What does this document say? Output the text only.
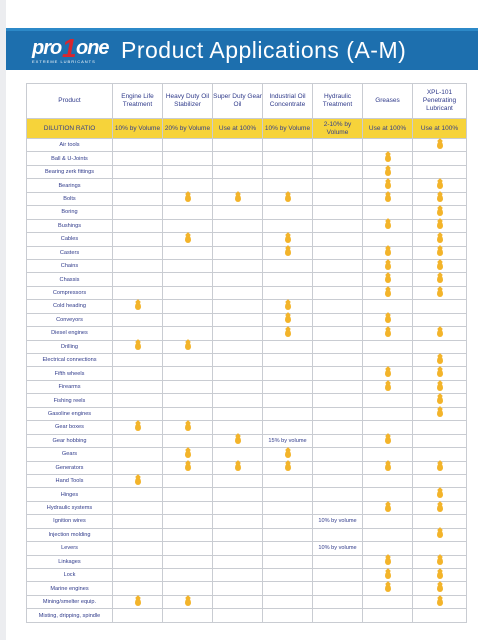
pro 1 one
EXTREME LUBRICANTS Product Applications (A-M)
Product	Engine Life Treatment	Heavy Duty Oil Stabilizer	Super Duty Gear Oil	Industrial Oil Concentrate	Hydraulic Treatment	Greases	XPL-101 Penetrating Lubricant
DILUTION RATIO	10% by Volume	20% by Volume	Use at 100%	10% by Volume	2-10% by Volume	Use at 100%	Use at 100%
Air tools							
Ball & U-Joints							
Bearing zerk fittings							
Bearings							
Bolts							
Boring							
Bushings							
Cables							
Casters							
Chains							
Chassis							
Compressors							
Cold heading							
Conveyors							
Diesel engines							
Drilling							
Electrical connections							
Fifth wheels							
Firearms							
Fishing reels							
Gasoline engines							
Gear boxes							
Gear hobbing				15% by volume			
Gears							
Generators							
Hand Tools							
Hinges							
Hydraulic systems							
Ignition wires					10% by volume		
Injection molding							
Levers					10% by volume		
Linkages							
Lock							
Marine engines							
Mining/smelter equip.							
Misting, dripping, spindle							
